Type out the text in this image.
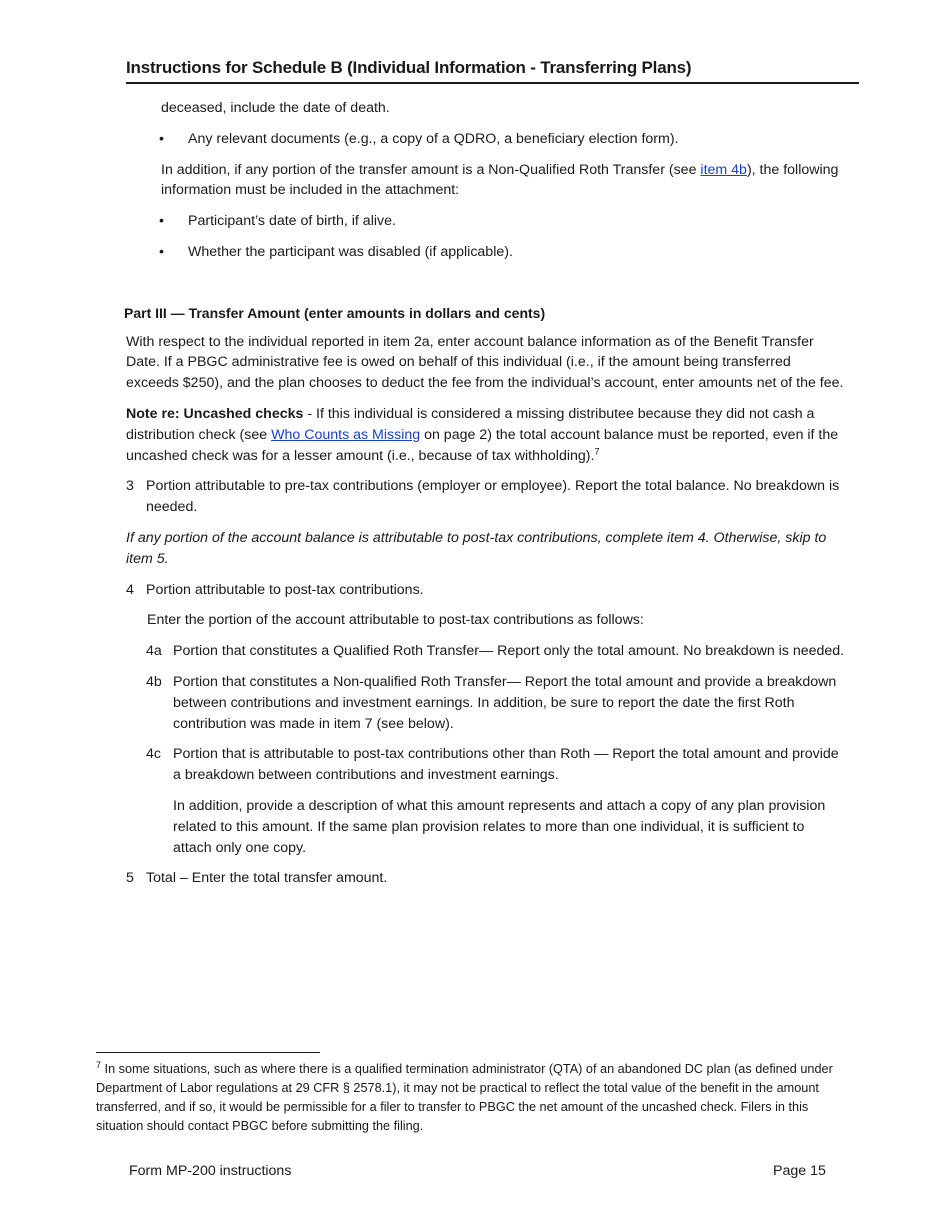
Instructions for Schedule B (Individual Information - Transferring Plans)

deceased, include the date of death.

•	Any relevant documents (e.g., a copy of a QDRO, a beneficiary election form).

In addition, if any portion of the transfer amount is a Non-Qualified Roth Transfer (see item 4b), the following information must be included in the attachment:

•	Participant’s date of birth, if alive.
•	Whether the participant was disabled (if applicable).
Part III — Transfer Amount (enter amounts in dollars and cents)

With respect to the individual reported in item 2a, enter account balance information as of the Benefit Transfer Date. If a PBGC administrative fee is owed on behalf of this individual (i.e., if the amount being transferred exceeds $250), and the plan chooses to deduct the fee from the individual’s account, enter amounts net of the fee.

Note re: Uncashed checks - If this individual is considered a missing distributee because they did not cash a distribution check (see Who Counts as Missing on page 2) the total account balance must be reported, even if the uncashed check was for a lesser amount (i.e., because of tax withholding).$^7$

3 Portion attributable to pre-tax contributions (employer or employee). Report the total balance. No breakdown is needed.

If any portion of the account balance is attributable to post-tax contributions, complete item 4. Otherwise, skip to item 5.

4 Portion attributable to post-tax contributions.

Enter the portion of the account attributable to post-tax contributions as follows:

4a Portion that constitutes a Qualified Roth Transfer— Report only the total amount. No breakdown is needed.
4b Portion that constitutes a Non-qualified Roth Transfer— Report the total amount and provide a breakdown between contributions and investment earnings. In addition, be sure to report the date the first Roth contribution was made in item 7 (see below).
4c Portion that is attributable to post-tax contributions other than Roth — Report the total amount and provide a breakdown between contributions and investment earnings.

In addition, provide a description of what this amount represents and attach a copy of any plan provision related to this amount. If the same plan provision relates to more than one individual, it is sufficient to attach only one copy.

5 Total – Enter the total transfer amount.
$^7$ In some situations, such as where there is a qualified termination administrator (QTA) of an abandoned DC plan (as defined under Department of Labor regulations at 29 CFR § 2578.1), it may not be practical to reflect the total value of the benefit in the amount transferred, and if so, it would be permissible for a filer to transfer to PBGC the net amount of the uncashed check. Filers in this situation should contact PBGC before submitting the filing.
Form MP-200 instructions	Page 15
